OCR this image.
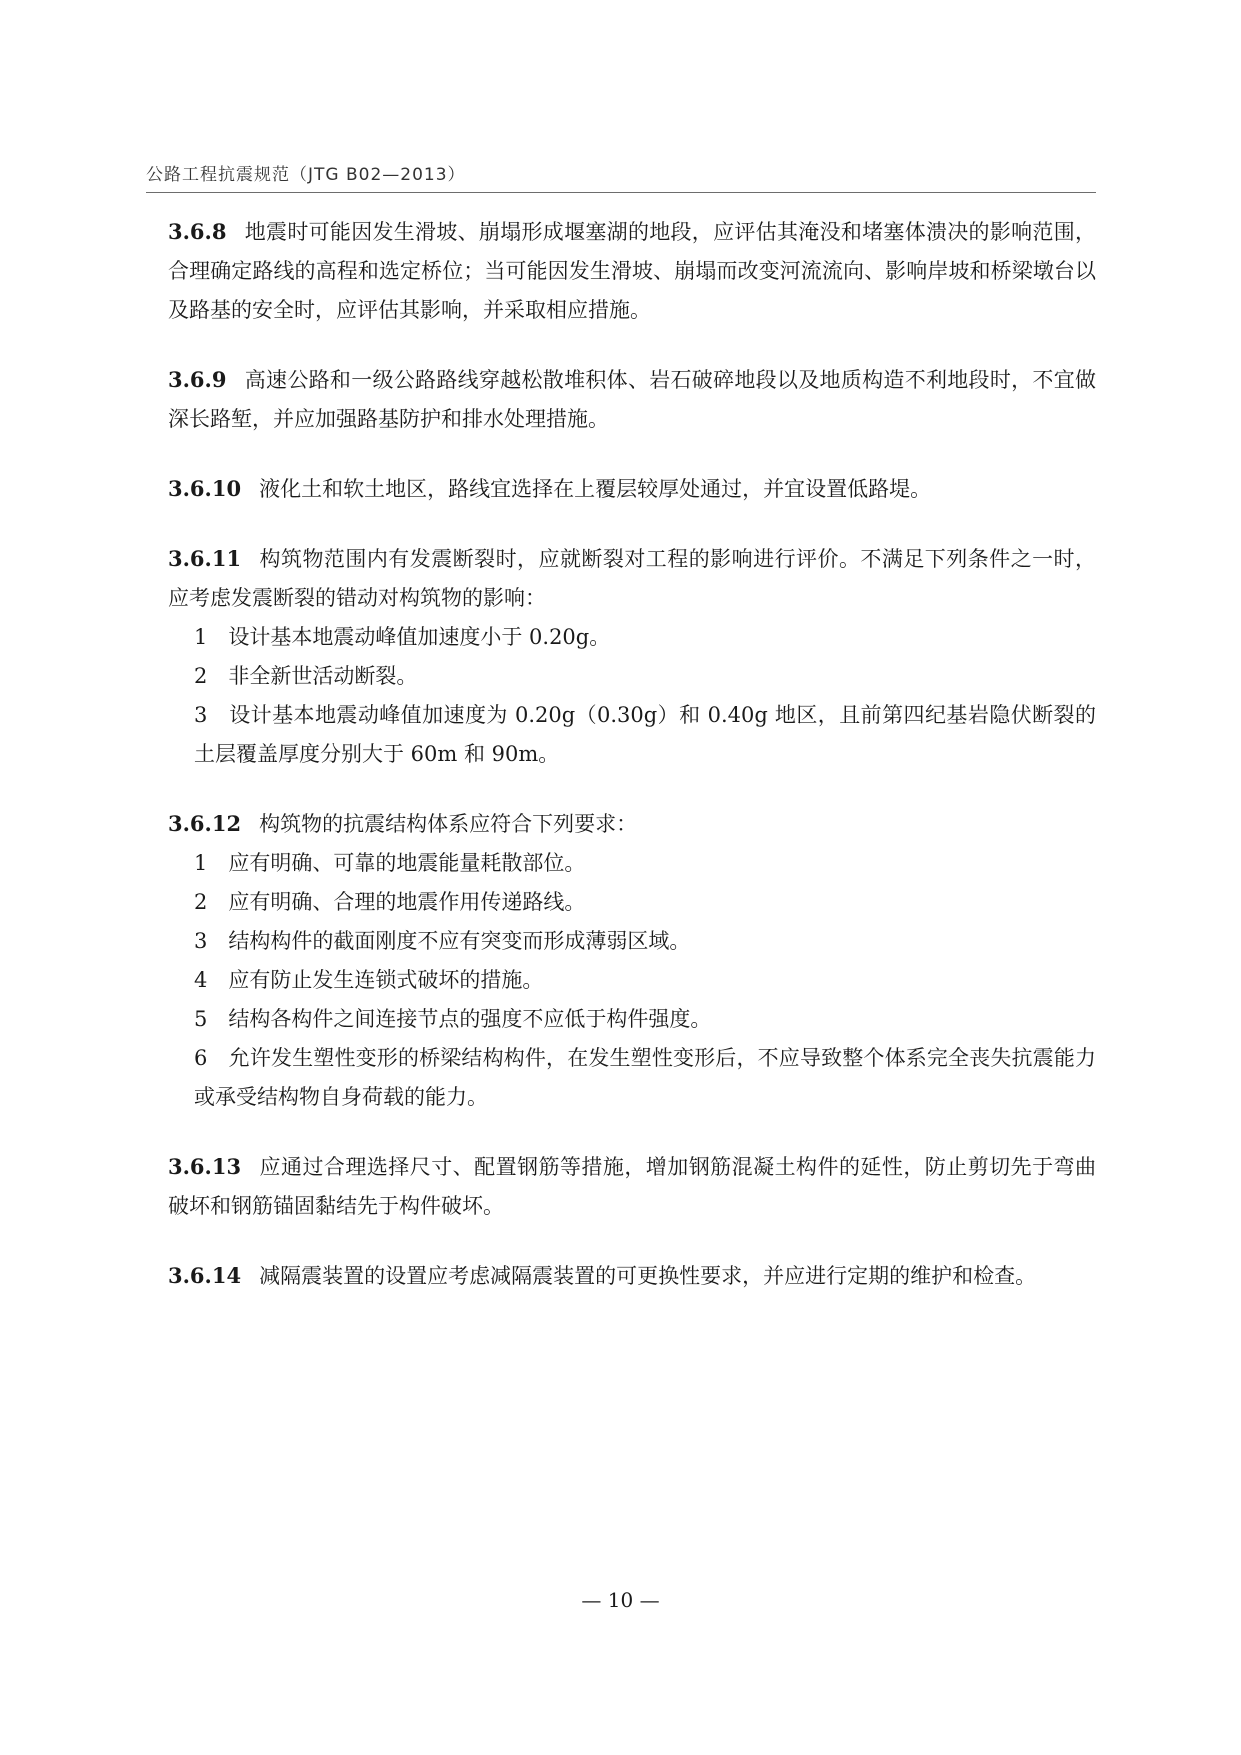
公路工程抗震规范（JTG B02—2013）

3.6.8 地震时可能因发生滑坡、崩塌形成堰塞湖的地段，应评估其淹没和堵塞体溃决的影响范围，合理确定路线的高程和选定桥位；当可能因发生滑坡、崩塌而改变河流流向、影响岸坡和桥梁墩台以及路基的安全时，应评估其影响，并采取相应措施。

3.6.9 高速公路和一级公路路线穿越松散堆积体、岩石破碎地段以及地质构造不利地段时，不宜做深长路堑，并应加强路基防护和排水处理措施。

3.6.10 液化土和软土地区，路线宜选择在上覆层较厚处通过，并宜设置低路堤。

3.6.11 构筑物范围内有发震断裂时，应就断裂对工程的影响进行评价。不满足下列条件之一时，应考虑发震断裂的错动对构筑物的影响：

1　设计基本地震动峰值加速度小于 0.20g。

2　非全新世活动断裂。

3　设计基本地震动峰值加速度为 0.20g（0.30g）和 0.40g 地区，且前第四纪基岩隐伏断裂的土层覆盖厚度分别大于 60m 和 90m。

3.6.12 构筑物的抗震结构体系应符合下列要求：

1　应有明确、可靠的地震能量耗散部位。

2　应有明确、合理的地震作用传递路线。

3　结构构件的截面刚度不应有突变而形成薄弱区域。

4　应有防止发生连锁式破坏的措施。

5　结构各构件之间连接节点的强度不应低于构件强度。

6　允许发生塑性变形的桥梁结构构件，在发生塑性变形后，不应导致整个体系完全丧失抗震能力或承受结构物自身荷载的能力。

3.6.13 应通过合理选择尺寸、配置钢筋等措施，增加钢筋混凝土构件的延性，防止剪切先于弯曲破坏和钢筋锚固黏结先于构件破坏。

3.6.14 减隔震装置的设置应考虑减隔震装置的可更换性要求，并应进行定期的维护和检查。

— 10 —
